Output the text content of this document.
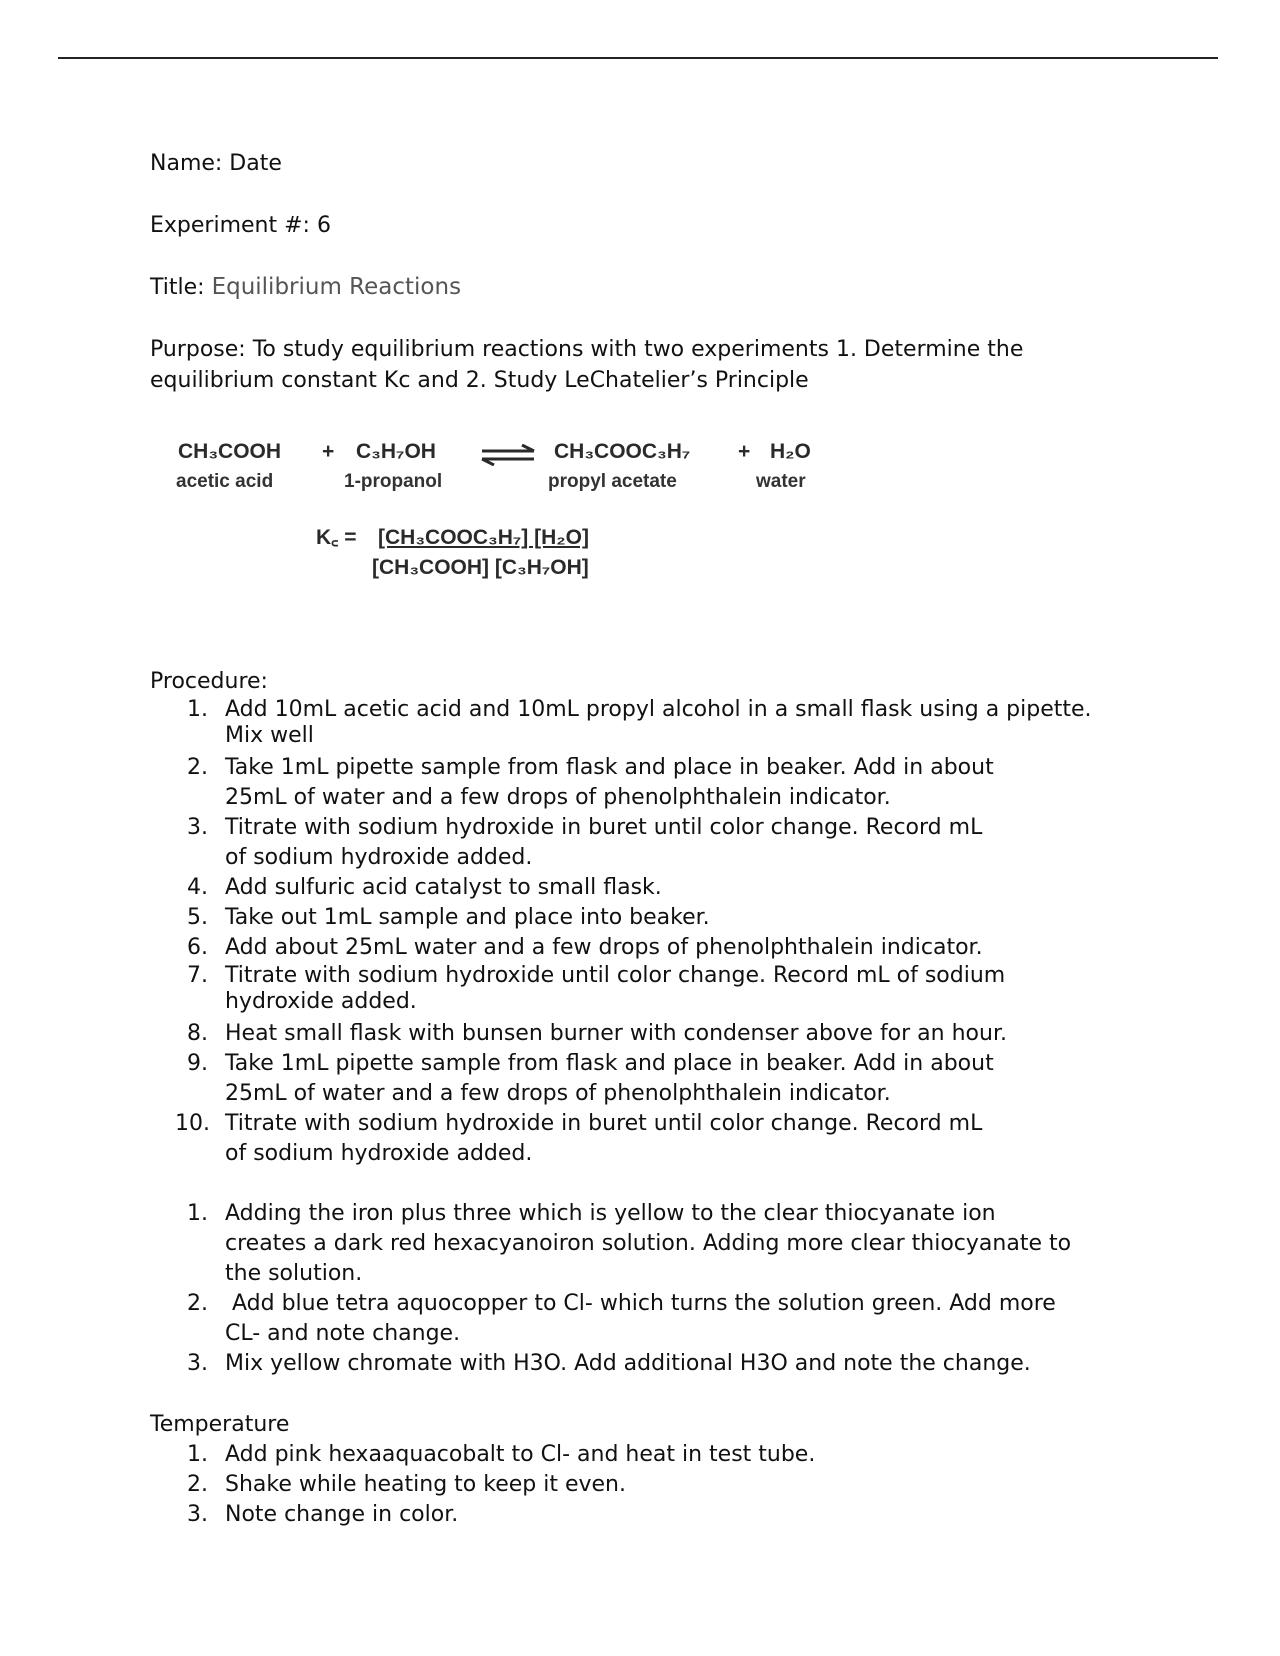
Name: Date

Experiment #: 6

Title: Equilibrium Reactions

Purpose: To study equilibrium reactions with two experiments 1. Determine the
equilibrium constant Kc and 2. Study LeChatelier’s Principle

CH₃COOH + C₃H₇OH ⇌ CH₃COOC₃H₇ + H₂O
acetic acid	1-propanol	propyl acetate	water
K꜀ = [CH₃COOC₃H₇] [H₂O]
[CH₃COOH] [C₃H₇OH]

Procedure:

1. Add 10mL acetic acid and 10mL propyl alcohol in a small flask using a pipette.
Mix well
2. Take 1mL pipette sample from flask and place in beaker. Add in about
25mL of water and a few drops of phenolphthalein indicator.
3. Titrate with sodium hydroxide in buret until color change. Record mL
of sodium hydroxide added.
4. Add sulfuric acid catalyst to small flask.
5. Take out 1mL sample and place into beaker.
6. Add about 25mL water and a few drops of phenolphthalein indicator.
7. Titrate with sodium hydroxide until color change. Record mL of sodium
hydroxide added.
8. Heat small flask with bunsen burner with condenser above for an hour.
9. Take 1mL pipette sample from flask and place in beaker. Add in about
25mL of water and a few drops of phenolphthalein indicator.
10. Titrate with sodium hydroxide in buret until color change. Record mL
of sodium hydroxide added.
1. Adding the iron plus three which is yellow to the clear thiocyanate ion
creates a dark red hexacyanoiron solution. Adding more clear thiocyanate to
the solution.
2. Add blue tetra aquocopper to Cl- which turns the solution green. Add more
CL- and note change.
3. Mix yellow chromate with H3O. Add additional H3O and note the change.

Temperature

1. Add pink hexaaquacobalt to Cl- and heat in test tube.
2. Shake while heating to keep it even.
3. Note change in color.
